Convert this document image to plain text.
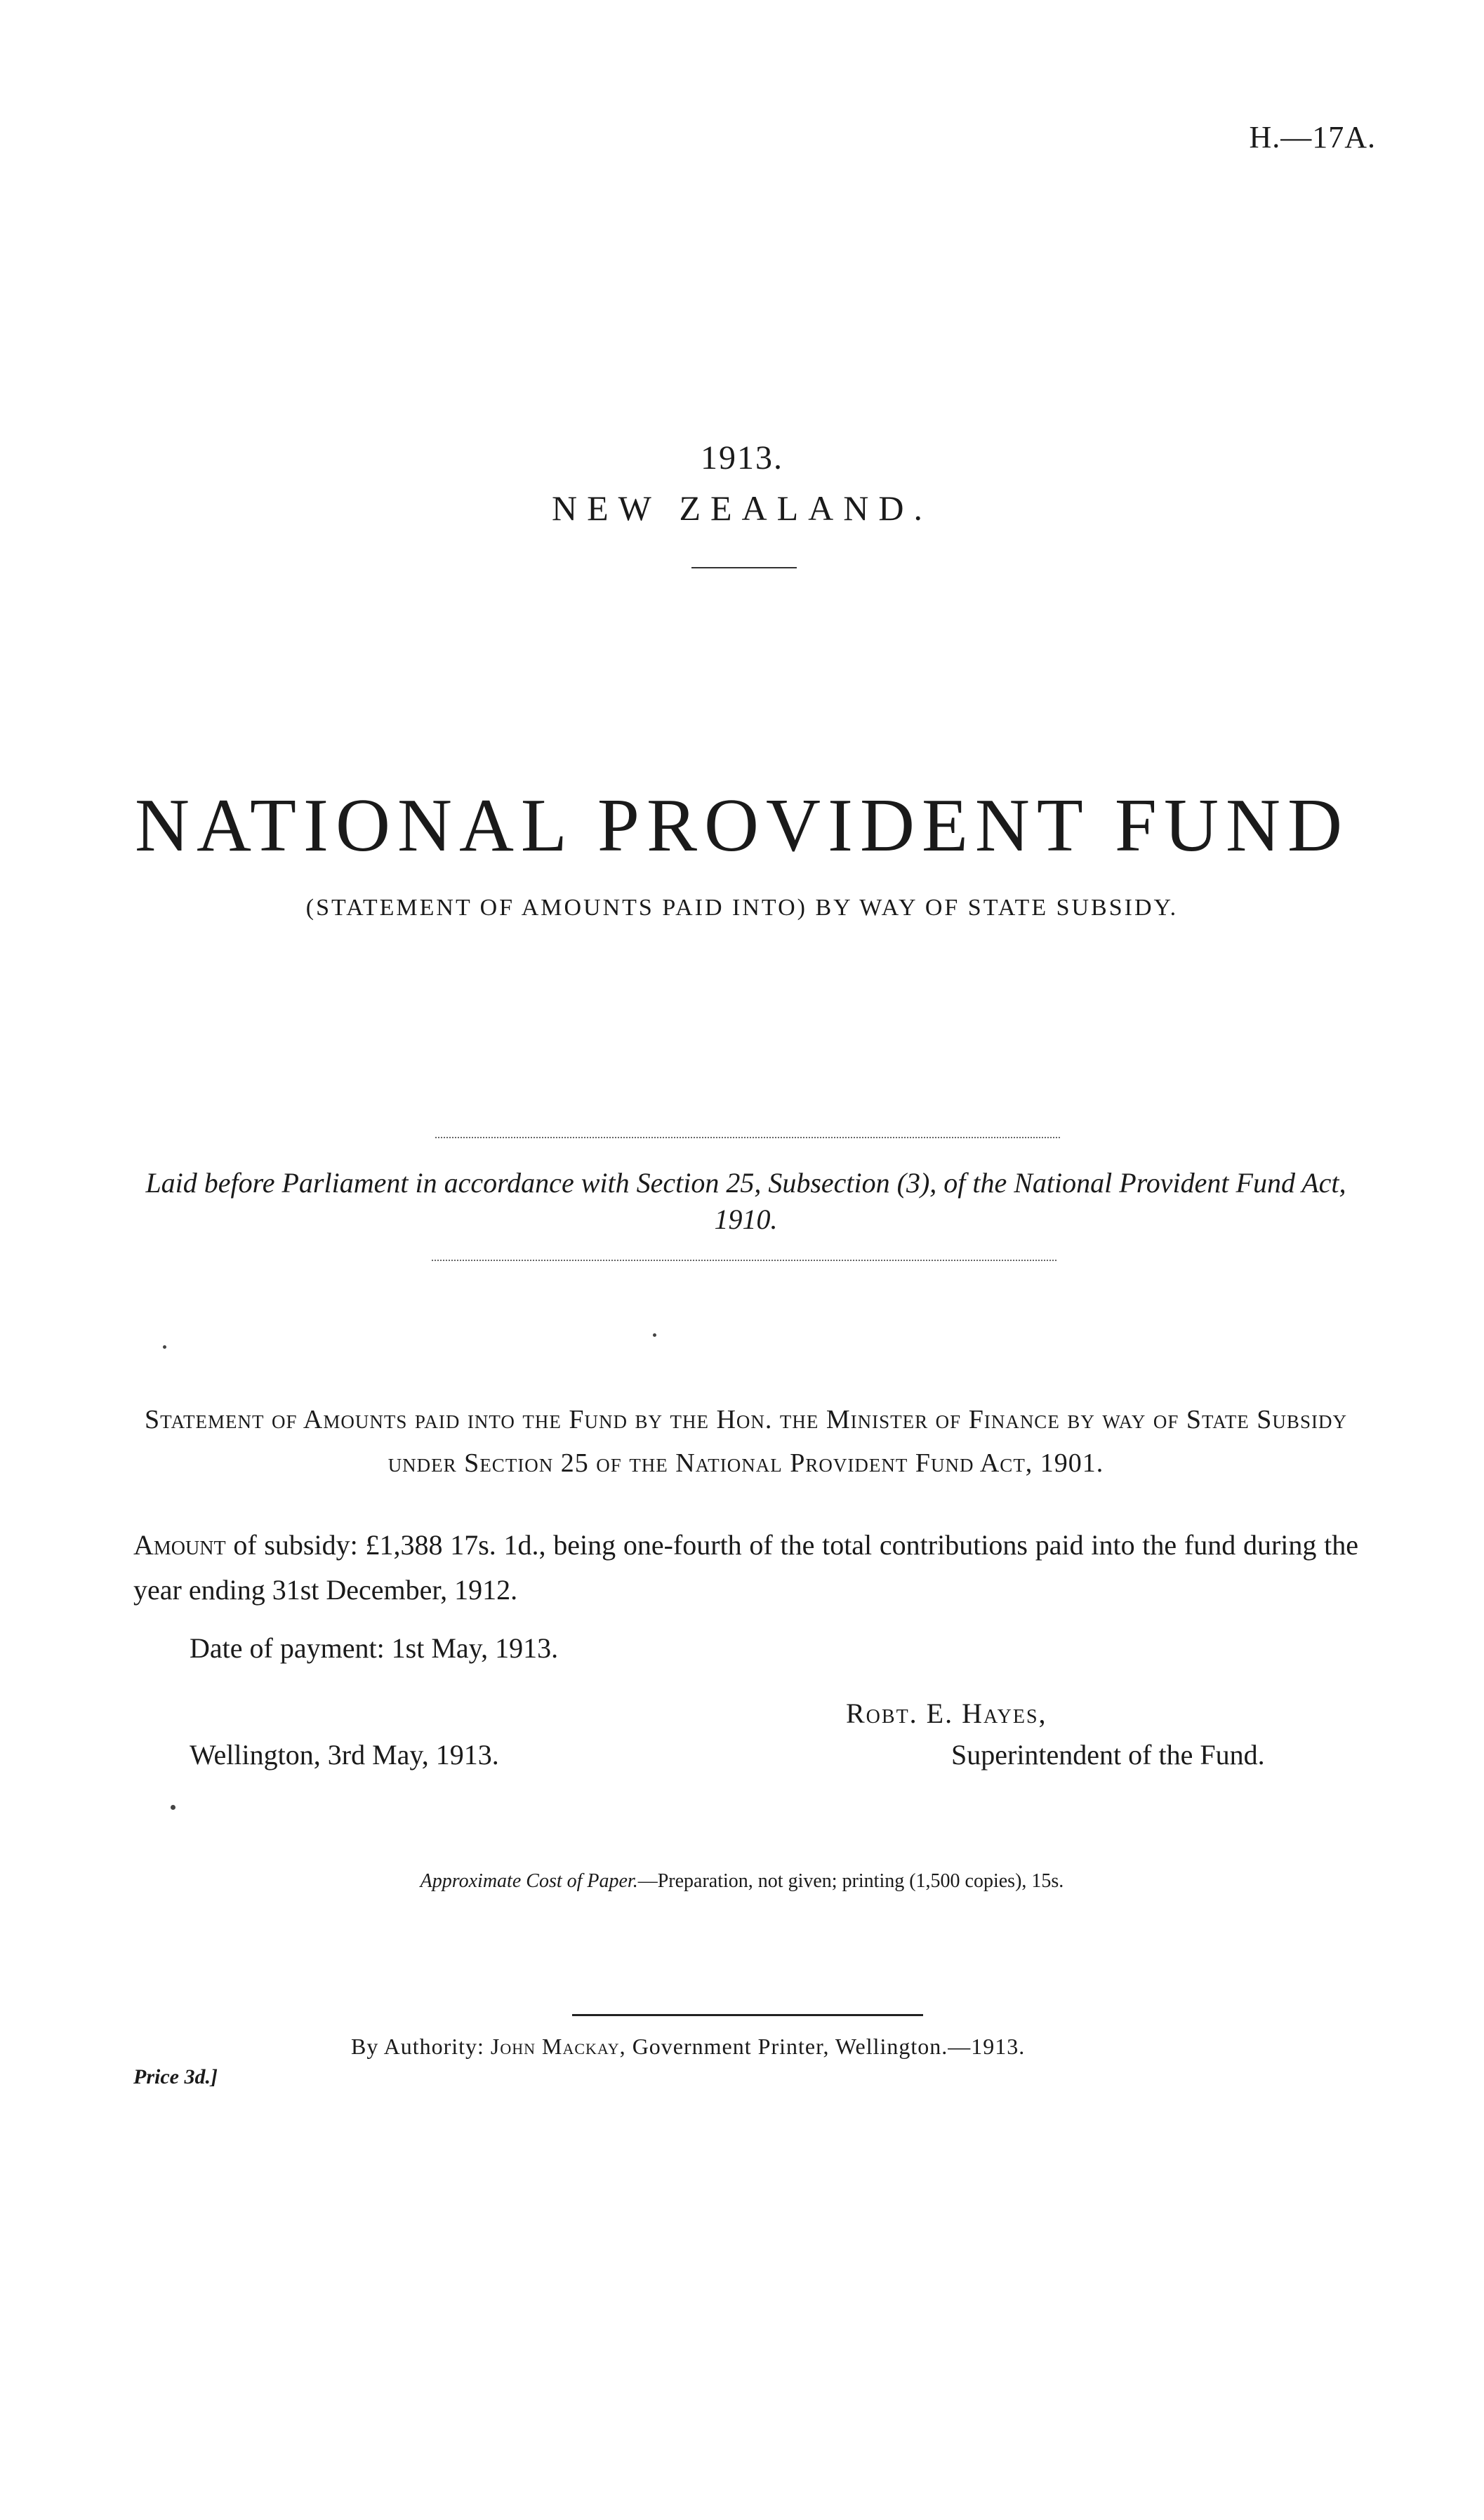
H.—17A.
1913.
NEW ZEALAND.
NATIONAL PROVIDENT FUND
(STATEMENT OF AMOUNTS PAID INTO) BY WAY OF STATE SUBSIDY.
Laid before Parliament in accordance with Section 25, Subsection (3), of the National Provident Fund Act, 1910.
Statement of Amounts paid into the Fund by the Hon. the Minister of Finance by way of State Subsidy under Section 25 of the National Provident Fund Act, 1901.
Amount of subsidy: £1,388 17s. 1d., being one-fourth of the total contributions paid into the fund during the year ending 31st December, 1912.
Date of payment: 1st May, 1913.
Robt. E. Hayes,
Wellington, 3rd May, 1913.	Superintendent of the Fund.
Approximate Cost of Paper.—Preparation, not given; printing (1,500 copies), 15s.
By Authority: John Mackay, Government Printer, Wellington.—1913.
Price 3d.]
